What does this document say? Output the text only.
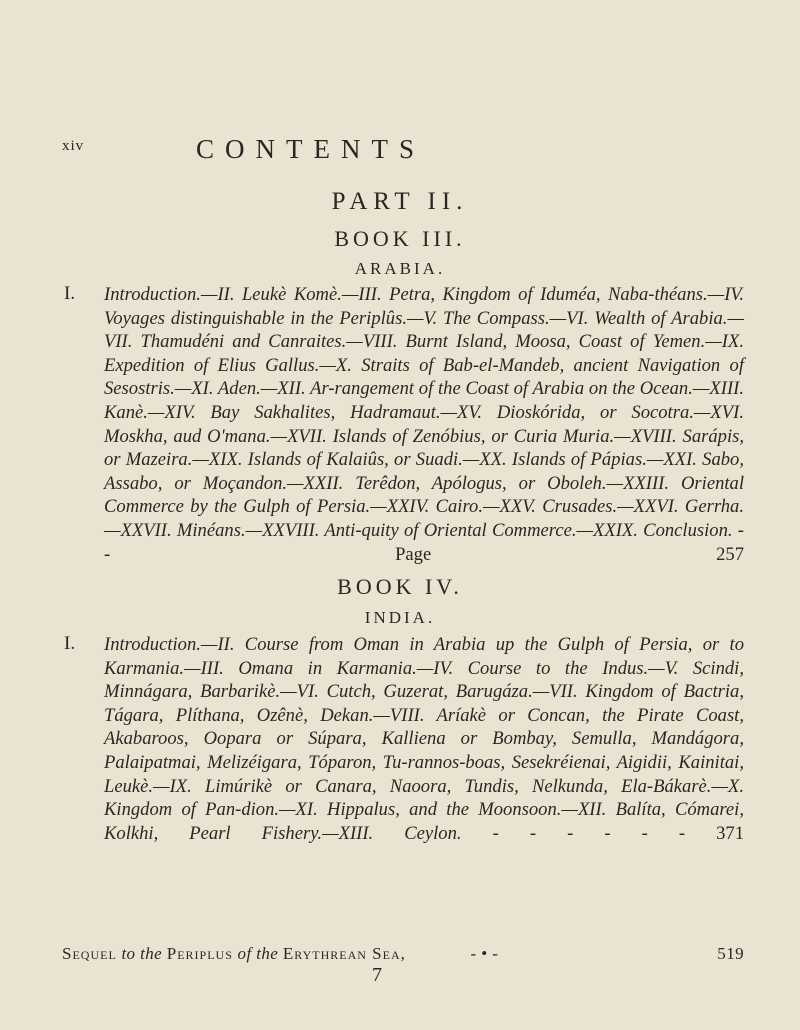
xiv	CONTENTS
PART II.
BOOK III.
ARABIA.
I. Introduction.—II. Leukè Komè.—III. Petra, Kingdom of Iduméa, Naba-théans.—IV. Voyages distinguishable in the Periplûs.—V. The Compass.—VI. Wealth of Arabia.—VII. Thamudéni and Canraites.—VIII. Burnt Island, Moosa, Coast of Yemen.—IX. Expedition of Elius Gallus.—X. Straits of Bab-el-Mandeb, ancient Navigation of Sesostris.—XI. Aden.—XII. Ar-rangement of the Coast of Arabia on the Ocean.—XIII. Kanè.—XIV. Bay Sakhalites, Hadramaut.—XV. Dioskórida, or Socotra.—XVI. Moskha, aud O'mana.—XVII. Islands of Zenóbius, or Curia Muria.—XVIII. Sarápis, or Mazeira.—XIX. Islands of Kalaiûs, or Suadi.—XX. Islands of Pápias.—XXI. Sabo, Assabo, or Moçandon.—XXII. Terêdon, Apólogus, or Oboleh.—XXIII. Oriental Commerce by the Gulph of Persia.—XXIV. Cairo.—XXV. Crusades.—XXVI. Gerrha.—XXVII. Minéans.—XXVIII. Anti-quity of Oriental Commerce.—XXIX. Conclusion. - -	Page 257
BOOK IV.
INDIA.
I. Introduction.—II. Course from Oman in Arabia up the Gulph of Persia, or to Karmania.—III. Omana in Karmania.—IV. Course to the Indus.—V. Scindi, Minnágara, Barbarikè.—VI. Cutch, Guzerat, Barugáza.—VII. Kingdom of Bactria, Tágara, Plíthana, Ozênè, Dekan.—VIII. Aríakè or Concan, the Pirate Coast, Akabaroos, Oopara or Súpara, Kalliena or Bombay, Semulla, Mandágora, Palaipatmai, Melizéigara, Tóparon, Tu-rannos-boas, Sesekréienai, Aigidii, Kainitai, Leukè.—IX. Limúrikè or Canara, Naoora, Tundis, Nelkunda, Ela-Bákarè.—X. Kingdom of Pan-dion.—XI. Hippalus, and the Moonsoon.—XII. Balíta, Cómarei, Kolkhi, Pearl Fishery.—XIII. Ceylon. - - - - - - 371
Sequel to the Periplus of the Erythrean Sea,	- • -	519
7
